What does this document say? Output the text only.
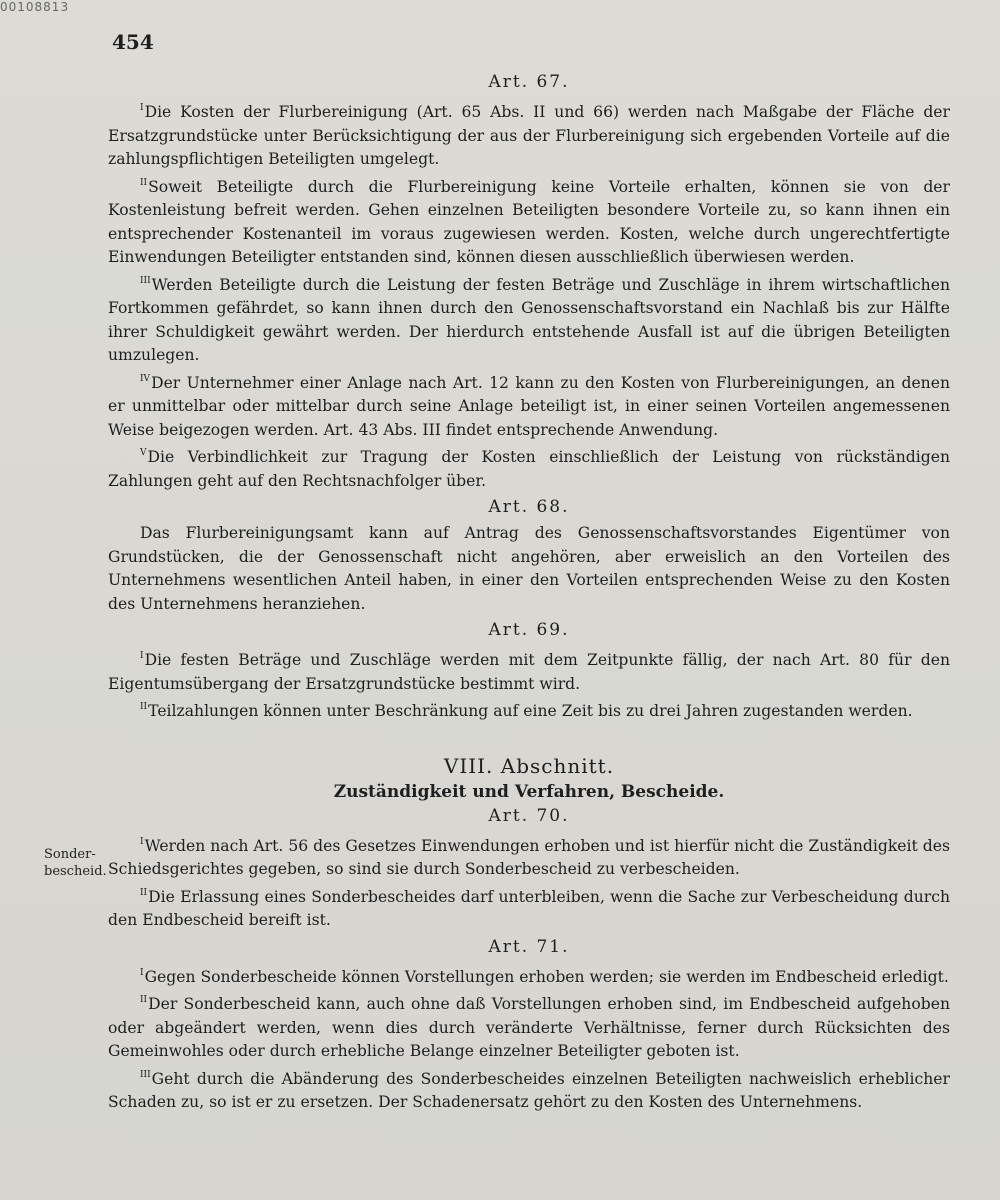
00108813
454
Sonder-bescheid.
Art. 67.

$^I$Die Kosten der Flurbereinigung (Art. 65 Abs. II und 66) werden nach Maßgabe der Fläche der Ersatzgrundstücke unter Berücksichtigung der aus der Flurbereinigung sich ergebenden Vorteile auf die zahlungspflichtigen Beteiligten umgelegt.

$^{II}$Soweit Beteiligte durch die Flurbereinigung keine Vorteile erhalten, können sie von der Kostenleistung befreit werden. Gehen einzelnen Beteiligten besondere Vorteile zu, so kann ihnen ein entsprechender Kostenanteil im voraus zugewiesen werden. Kosten, welche durch ungerechtfertigte Einwendungen Beteiligter entstanden sind, können diesen ausschließlich überwiesen werden.

$^{III}$Werden Beteiligte durch die Leistung der festen Beträge und Zuschläge in ihrem wirtschaftlichen Fortkommen gefährdet, so kann ihnen durch den Genossenschaftsvorstand ein Nachlaß bis zur Hälfte ihrer Schuldigkeit gewährt werden. Der hierdurch entstehende Ausfall ist auf die übrigen Beteiligten umzulegen.

$^{IV}$Der Unternehmer einer Anlage nach Art. 12 kann zu den Kosten von Flurbereinigungen, an denen er unmittelbar oder mittelbar durch seine Anlage beteiligt ist, in einer seinen Vorteilen angemessenen Weise beigezogen werden. Art. 43 Abs. III findet entsprechende Anwendung.

$^V$Die Verbindlichkeit zur Tragung der Kosten einschließlich der Leistung von rückständigen Zahlungen geht auf den Rechtsnachfolger über.

Art. 68.

Das Flurbereinigungsamt kann auf Antrag des Genossenschaftsvorstandes Eigentümer von Grundstücken, die der Genossenschaft nicht angehören, aber erweislich an den Vorteilen des Unternehmens wesentlichen Anteil haben, in einer den Vorteilen entsprechenden Weise zu den Kosten des Unternehmens heranziehen.

Art. 69.

$^I$Die festen Beträge und Zuschläge werden mit dem Zeitpunkte fällig, der nach Art. 80 für den Eigentumsübergang der Ersatzgrundstücke bestimmt wird.

$^{II}$Teilzahlungen können unter Beschränkung auf eine Zeit bis zu drei Jahren zugestanden werden.

VIII. Abschnitt.
Zuständigkeit und Verfahren, Bescheide.
Art. 70.

$^I$Werden nach Art. 56 des Gesetzes Einwendungen erhoben und ist hierfür nicht die Zuständigkeit des Schiedsgerichtes gegeben, so sind sie durch Sonderbescheid zu verbescheiden.

$^{II}$Die Erlassung eines Sonderbescheides darf unterbleiben, wenn die Sache zur Verbescheidung durch den Endbescheid bereift ist.

Art. 71.

$^I$Gegen Sonderbescheide können Vorstellungen erhoben werden; sie werden im Endbescheid erledigt.

$^{II}$Der Sonderbescheid kann, auch ohne daß Vorstellungen erhoben sind, im Endbescheid aufgehoben oder abgeändert werden, wenn dies durch veränderte Verhältnisse, ferner durch Rücksichten des Gemeinwohles oder durch erhebliche Belange einzelner Beteiligter geboten ist.

$^{III}$Geht durch die Abänderung des Sonderbescheides einzelnen Beteiligten nachweislich erheblicher Schaden zu, so ist er zu ersetzen. Der Schadenersatz gehört zu den Kosten des Unternehmens.
